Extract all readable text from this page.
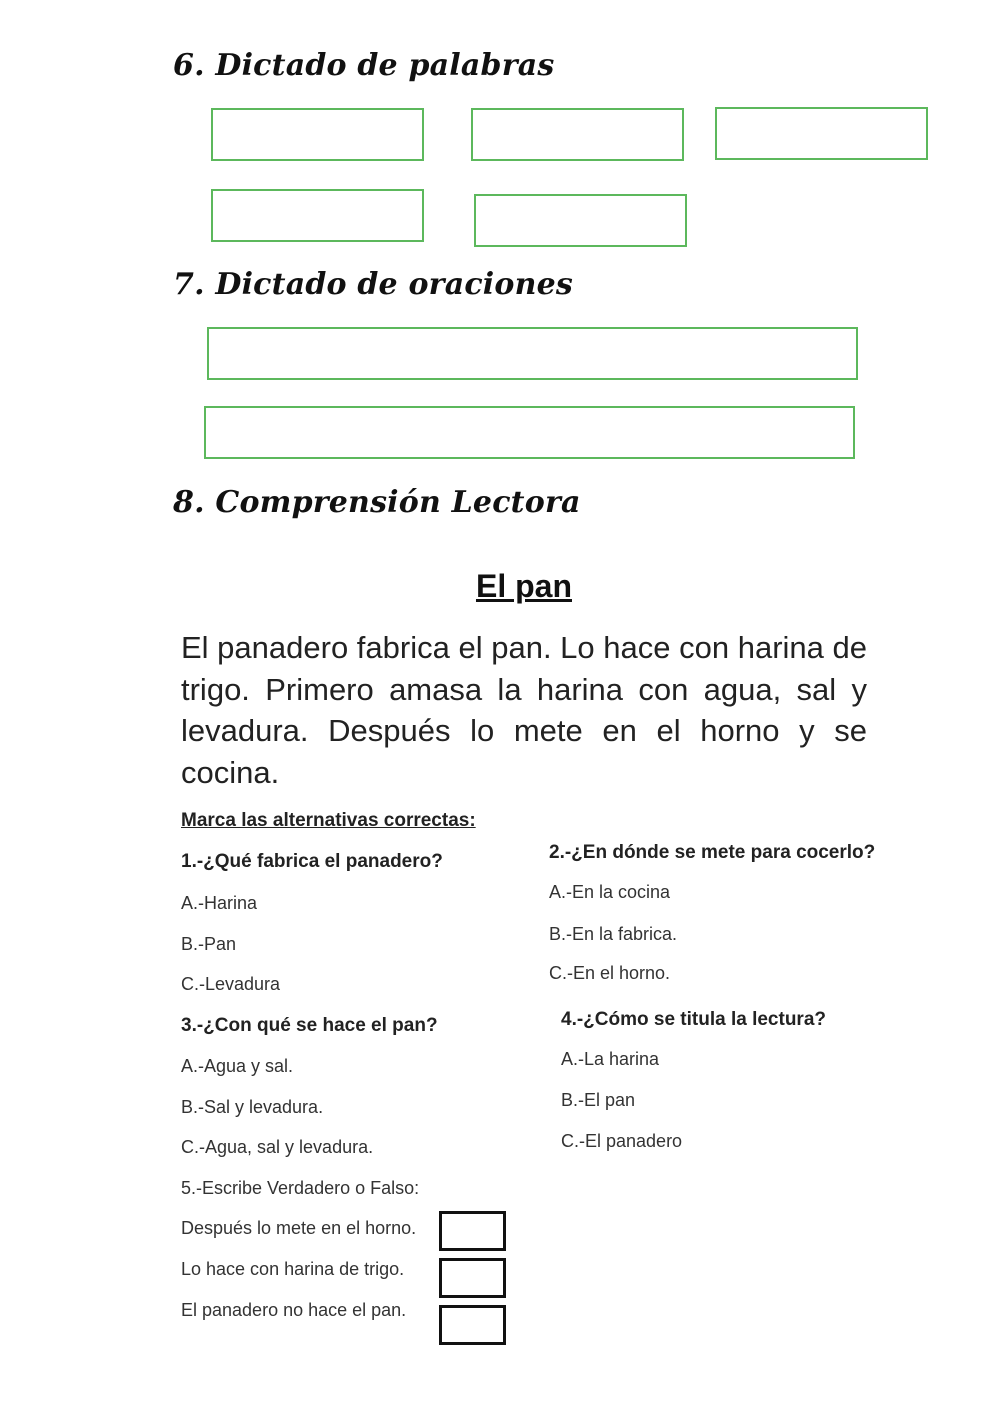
6. Dictado de palabras
7. Dictado de oraciones
8. Comprensión Lectora
El pan
El panadero fabrica el pan. Lo hace con harina de trigo. Primero amasa la harina con agua, sal y levadura. Después lo mete en el horno y se cocina.
Marca las alternativas correctas:
1.-¿Qué fabrica el panadero?
A.-Harina
B.-Pan
C.-Levadura
2.-¿En dónde se mete para cocerlo?
A.-En la cocina
B.-En la fabrica.
C.-En el horno.
3.-¿Con qué se hace el pan?
A.-Agua y sal.
B.-Sal y levadura.
C.-Agua, sal y levadura.
4.-¿Cómo se titula la lectura?
A.-La harina
B.-El pan
C.-El panadero
5.-Escribe Verdadero o Falso:
Después lo mete en el horno.
Lo hace con harina de trigo.
El panadero no hace el pan.
